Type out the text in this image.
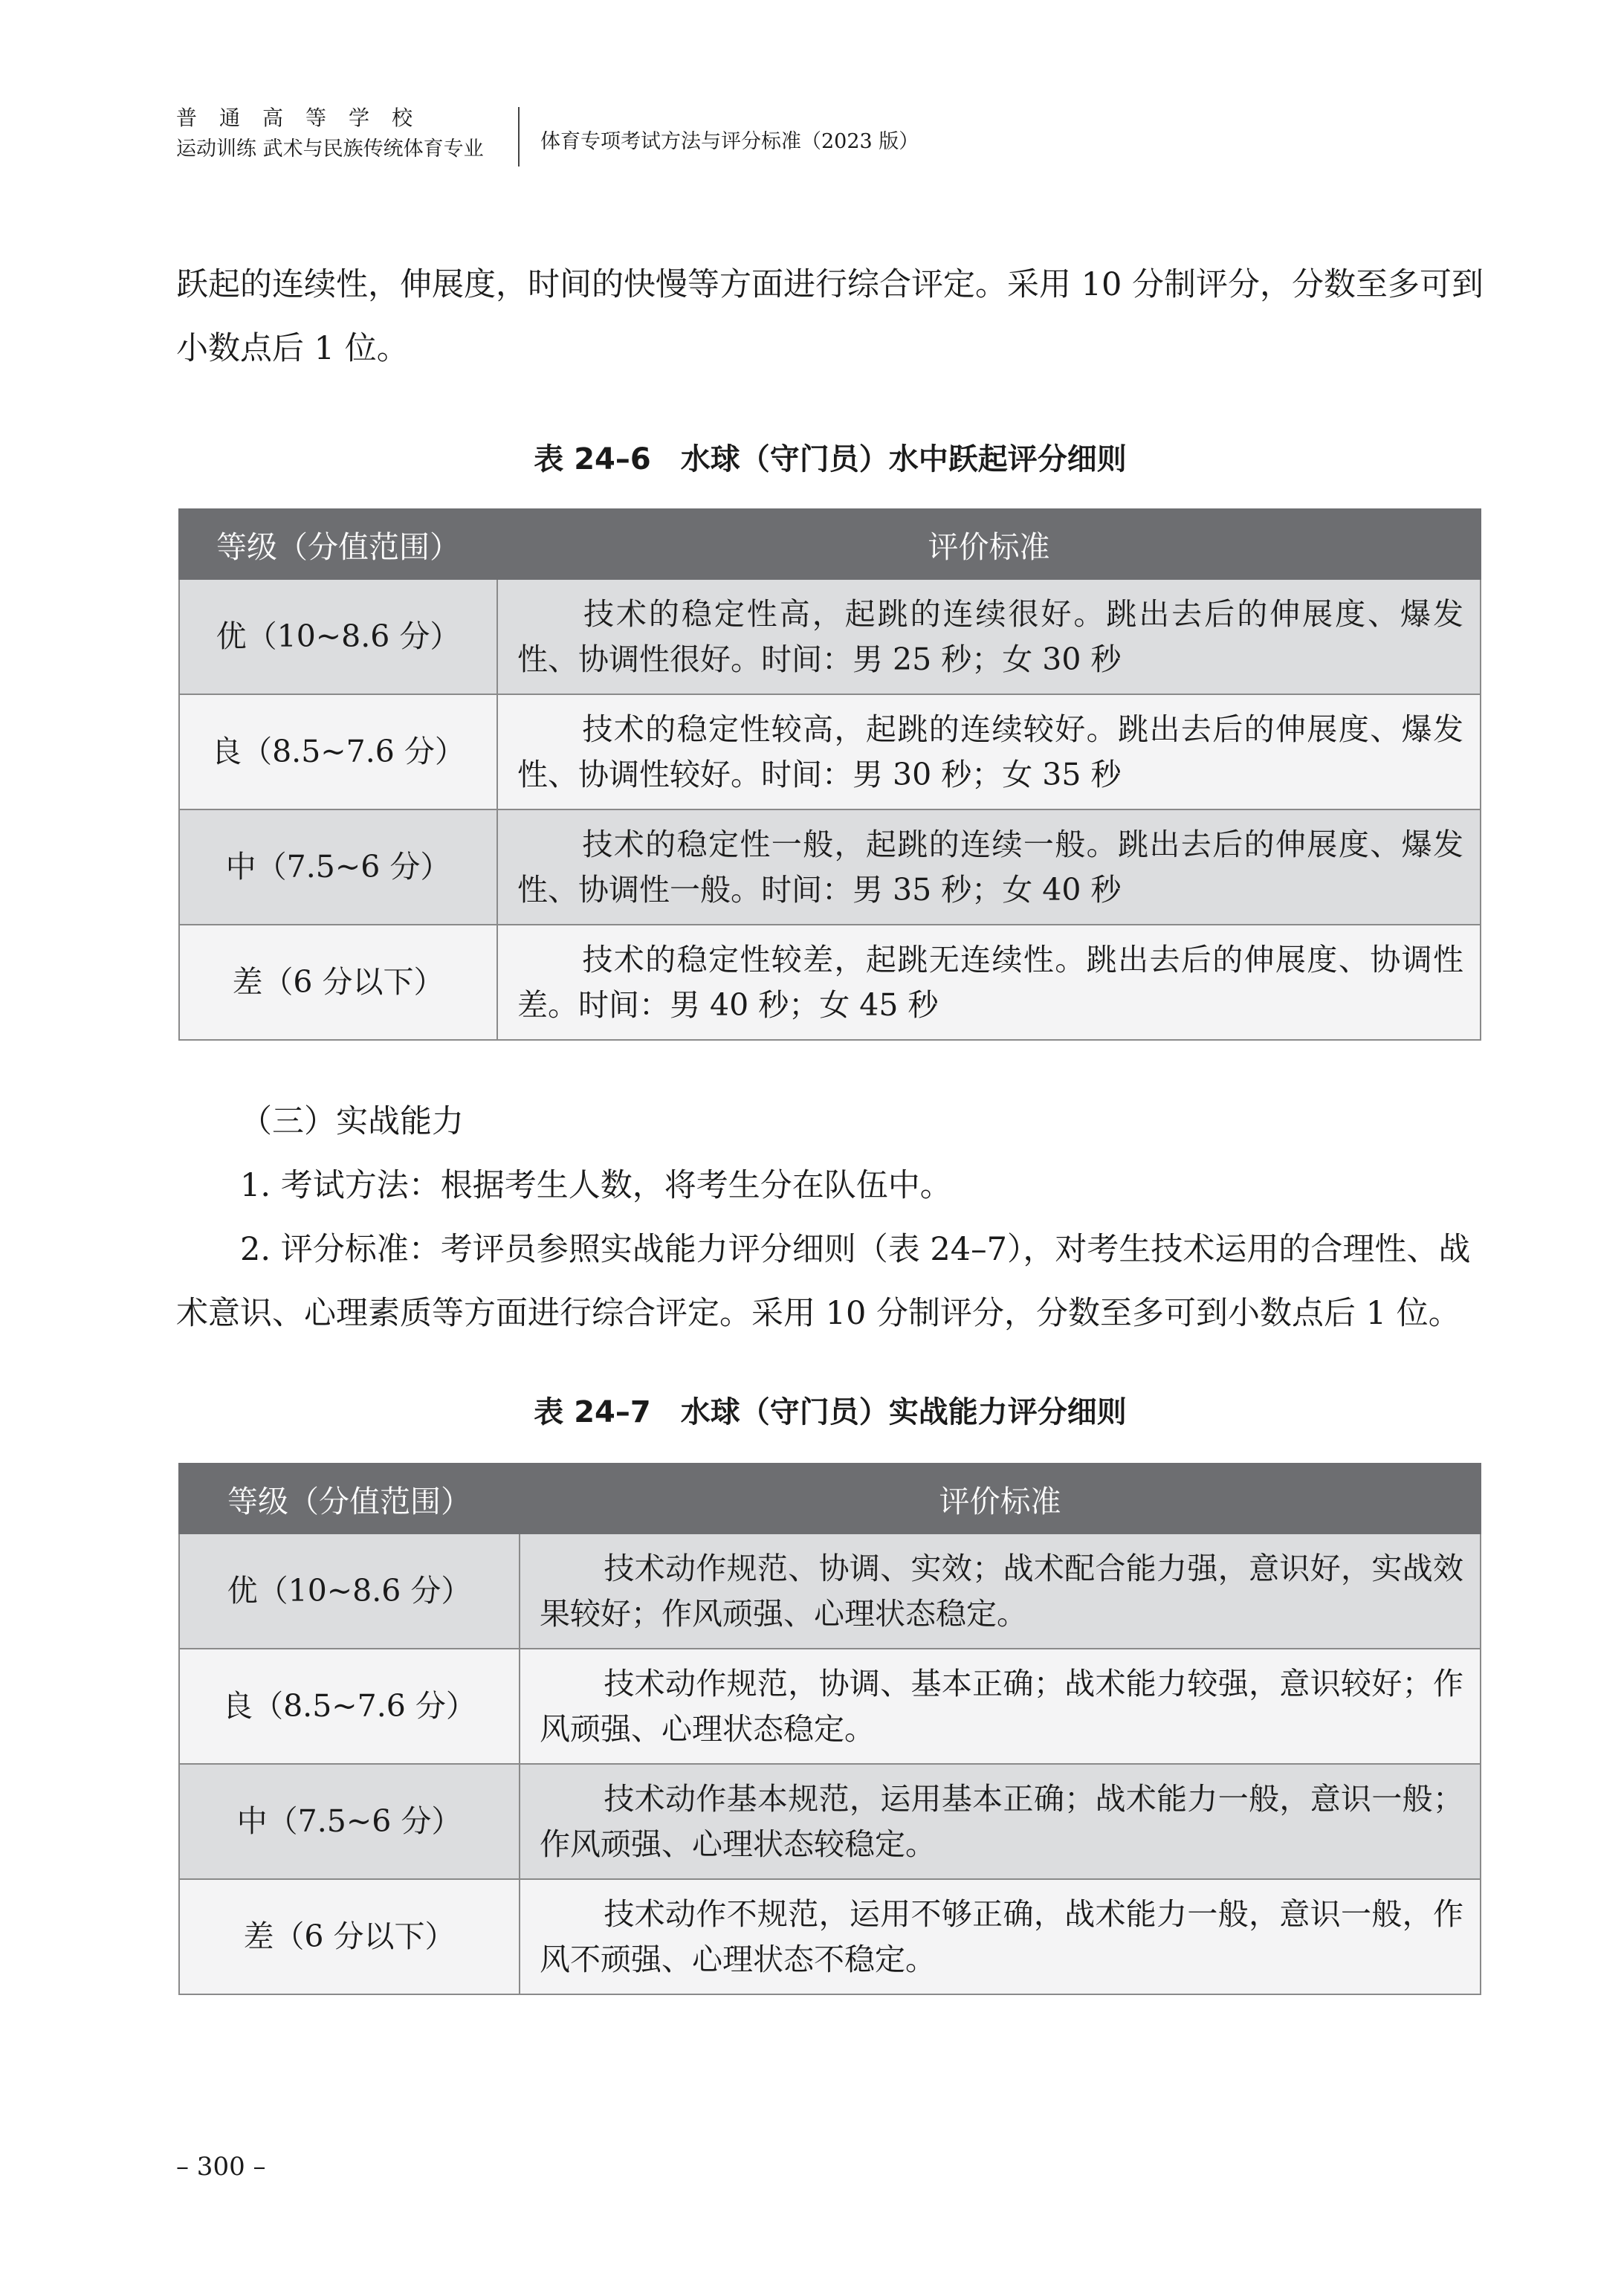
普通高等学校
运动训练 武术与民族传统体育专业	体育专项考试方法与评分标准（2023 版）
跃起的连续性，伸展度，时间的快慢等方面进行综合评定。采用 10 分制评分，分数至多可到小数点后 1 位。
表 24–6　水球（守门员）水中跃起评分细则
等级（分值范围）	评价标准
优（10~8.6 分）	技术的稳定性高，起跳的连续很好。跳出去后的伸展度、爆发性、协调性很好。时间：男 25 秒；女 30 秒
良（8.5~7.6 分）	技术的稳定性较高，起跳的连续较好。跳出去后的伸展度、爆发性、协调性较好。时间：男 30 秒；女 35 秒
中（7.5~6 分）	技术的稳定性一般，起跳的连续一般。跳出去后的伸展度、爆发性、协调性一般。时间：男 35 秒；女 40 秒
差（6 分以下）	技术的稳定性较差，起跳无连续性。跳出去后的伸展度、协调性差。时间：男 40 秒；女 45 秒
（三）实战能力
1. 考试方法：根据考生人数，将考生分在队伍中。
2. 评分标准：考评员参照实战能力评分细则（表 24–7），对考生技术运用的合理性、战术意识、心理素质等方面进行综合评定。采用 10 分制评分，分数至多可到小数点后 1 位。
表 24–7　水球（守门员）实战能力评分细则
等级（分值范围）	评价标准
优（10~8.6 分）	技术动作规范、协调、实效；战术配合能力强，意识好，实战效果较好；作风顽强、心理状态稳定。
良（8.5~7.6 分）	技术动作规范，协调、基本正确；战术能力较强，意识较好；作风顽强、心理状态稳定。
中（7.5~6 分）	技术动作基本规范，运用基本正确；战术能力一般，意识一般；作风顽强、心理状态较稳定。
差（6 分以下）	技术动作不规范，运用不够正确，战术能力一般，意识一般，作风不顽强、心理状态不稳定。
– 300 –
